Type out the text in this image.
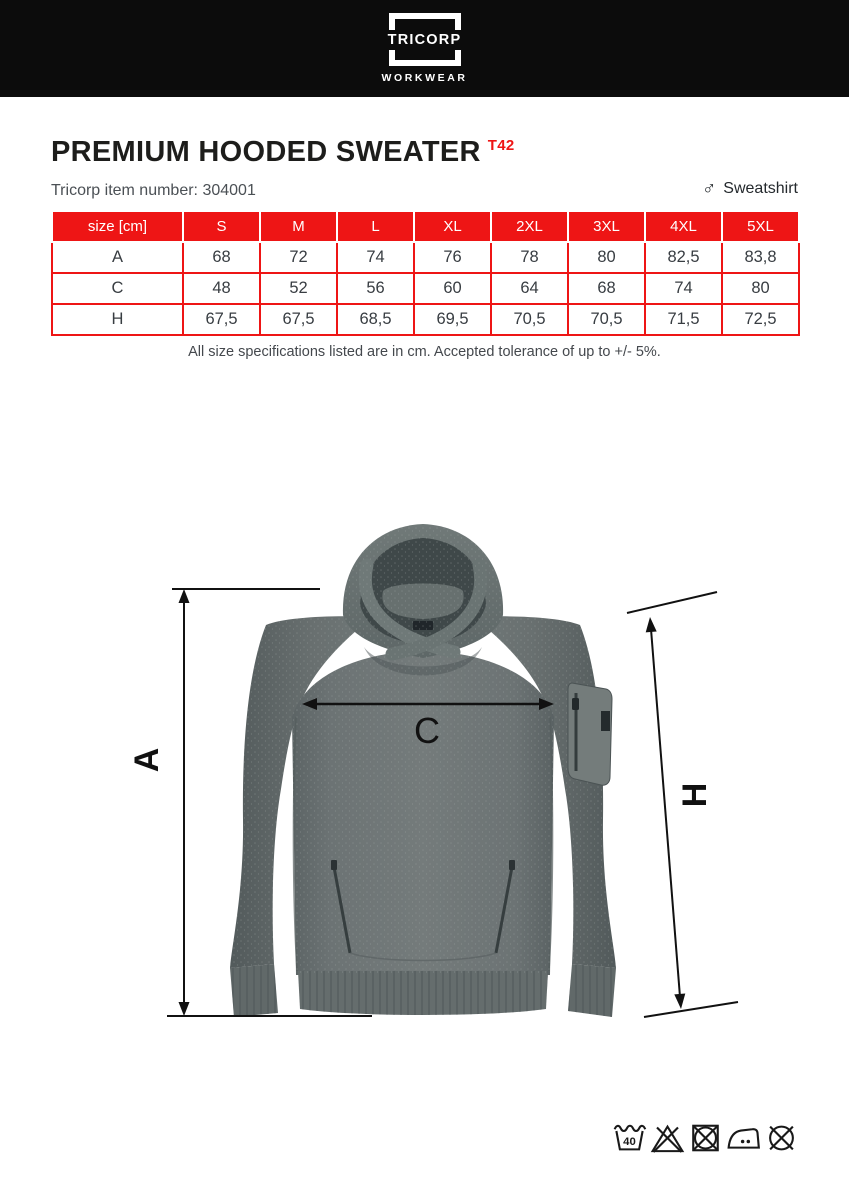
TRICORP
WORKWEAR
PREMIUM HOODED SWEATER $^{T42}$
Tricorp item number: 304001	♂ Sweatshirt
size [cm]	S	M	L	XL	2XL	3XL	4XL	5XL
A	68	72	74	76	78	80	82,5	83,8
C	48	52	56	60	64	68	74	80
H	67,5	67,5	68,5	69,5	70,5	70,5	71,5	72,5
All size specifications listed are in cm. Accepted tolerance of up to +/- 5%.
A
C
H
40
